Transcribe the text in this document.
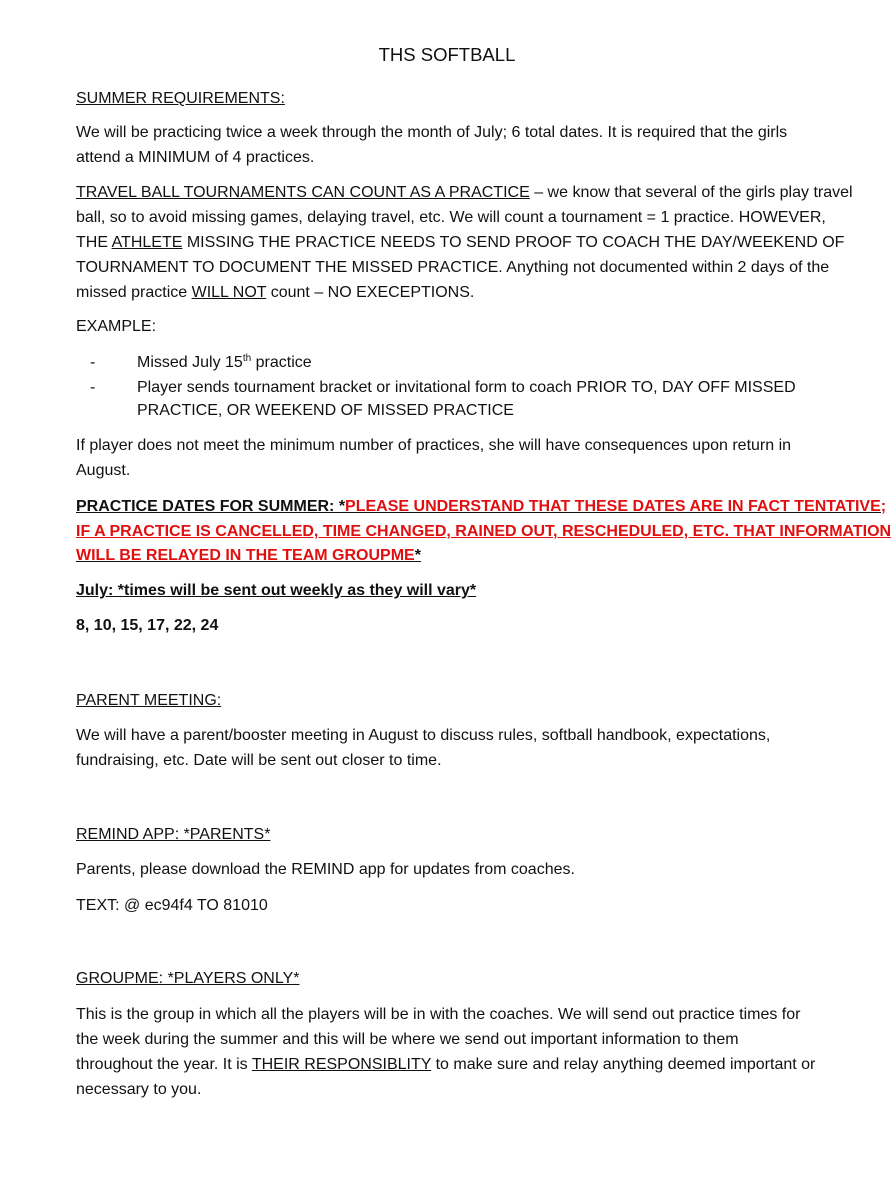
THS SOFTBALL

SUMMER REQUIREMENTS:

We will be practicing twice a week through the month of July; 6 total dates. It is required that the girls

attend a MINIMUM of 4 practices.

TRAVEL BALL TOURNAMENTS CAN COUNT AS A PRACTICE – we know that several of the girls play travel

ball, so to avoid missing games, delaying travel, etc. We will count a tournament = 1 practice. HOWEVER,

THE ATHLETE MISSING THE PRACTICE NEEDS TO SEND PROOF TO COACH THE DAY/WEEKEND OF

TOURNAMENT TO DOCUMENT THE MISSED PRACTICE. Anything not documented within 2 days of the

missed practice WILL NOT count – NO EXECEPTIONS.

EXAMPLE:

-	Missed July 15th practice

-	Player sends tournament bracket or invitational form to coach PRIOR TO, DAY OFF MISSED

PRACTICE, OR WEEKEND OF MISSED PRACTICE

If player does not meet the minimum number of practices, she will have consequences upon return in

August.

PRACTICE DATES FOR SUMMER: *PLEASE UNDERSTAND THAT THESE DATES ARE IN FACT TENTATIVE;

IF A PRACTICE IS CANCELLED, TIME CHANGED, RAINED OUT, RESCHEDULED, ETC. THAT INFORMATION

WILL BE RELAYED IN THE TEAM GROUPME*

July: *times will be sent out weekly as they will vary*

8, 10, 15, 17, 22, 24

PARENT MEETING:

We will have a parent/booster meeting in August to discuss rules, softball handbook, expectations,

fundraising, etc. Date will be sent out closer to time.

REMIND APP: *PARENTS*

Parents, please download the REMIND app for updates from coaches.

TEXT: @ ec94f4 TO 81010

GROUPME: *PLAYERS ONLY*

This is the group in which all the players will be in with the coaches. We will send out practice times for

the week during the summer and this will be where we send out important information to them

throughout the year. It is THEIR RESPONSIBLITY to make sure and relay anything deemed important or

necessary to you.
